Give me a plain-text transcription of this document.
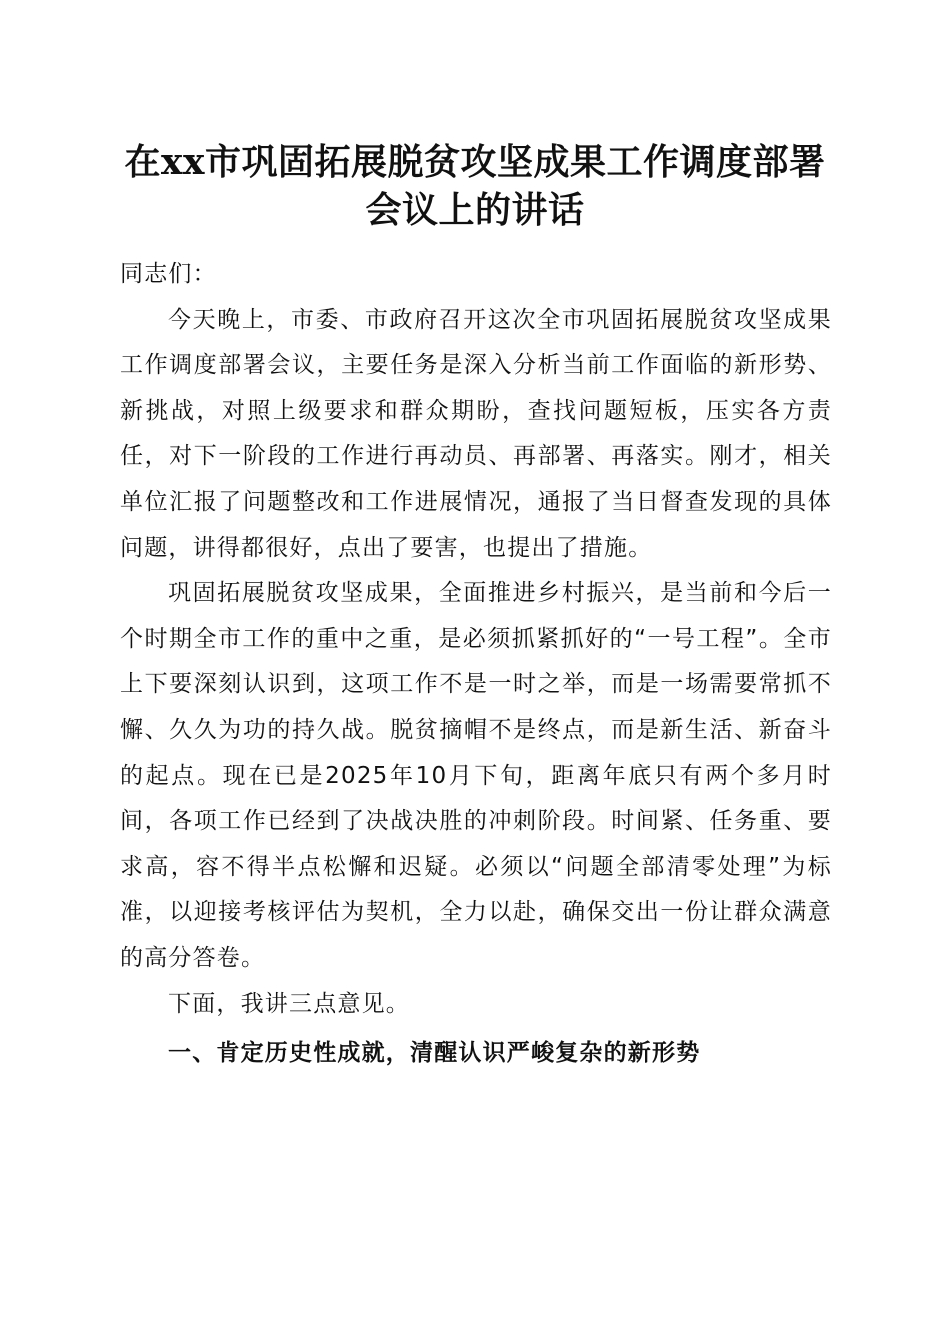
在xx市巩固拓展脱贫攻坚成果工作调度部署
会议上的讲话

同志们：

今天晚上，市委、市政府召开这次全市巩固拓展脱贫攻坚成果工作调度部署会议，主要任务是深入分析当前工作面临的新形势、新挑战，对照上级要求和群众期盼，查找问题短板，压实各方责任，对下一阶段的工作进行再动员、再部署、再落实。刚才，相关单位汇报了问题整改和工作进展情况，通报了当日督查发现的具体问题，讲得都很好，点出了要害，也提出了措施。

巩固拓展脱贫攻坚成果，全面推进乡村振兴，是当前和今后一个时期全市工作的重中之重，是必须抓紧抓好的“一号工程”。全市上下要深刻认识到，这项工作不是一时之举，而是一场需要常抓不懈、久久为功的持久战。脱贫摘帽不是终点，而是新生活、新奋斗的起点。现在已是2025年10月下旬，距离年底只有两个多月时间，各项工作已经到了决战决胜的冲刺阶段。时间紧、任务重、要求高，容不得半点松懈和迟疑。必须以“问题全部清零处理”为标准，以迎接考核评估为契机，全力以赴，确保交出一份让群众满意的高分答卷。

下面，我讲三点意见。

一、肯定历史性成就，清醒认识严峻复杂的新形势
